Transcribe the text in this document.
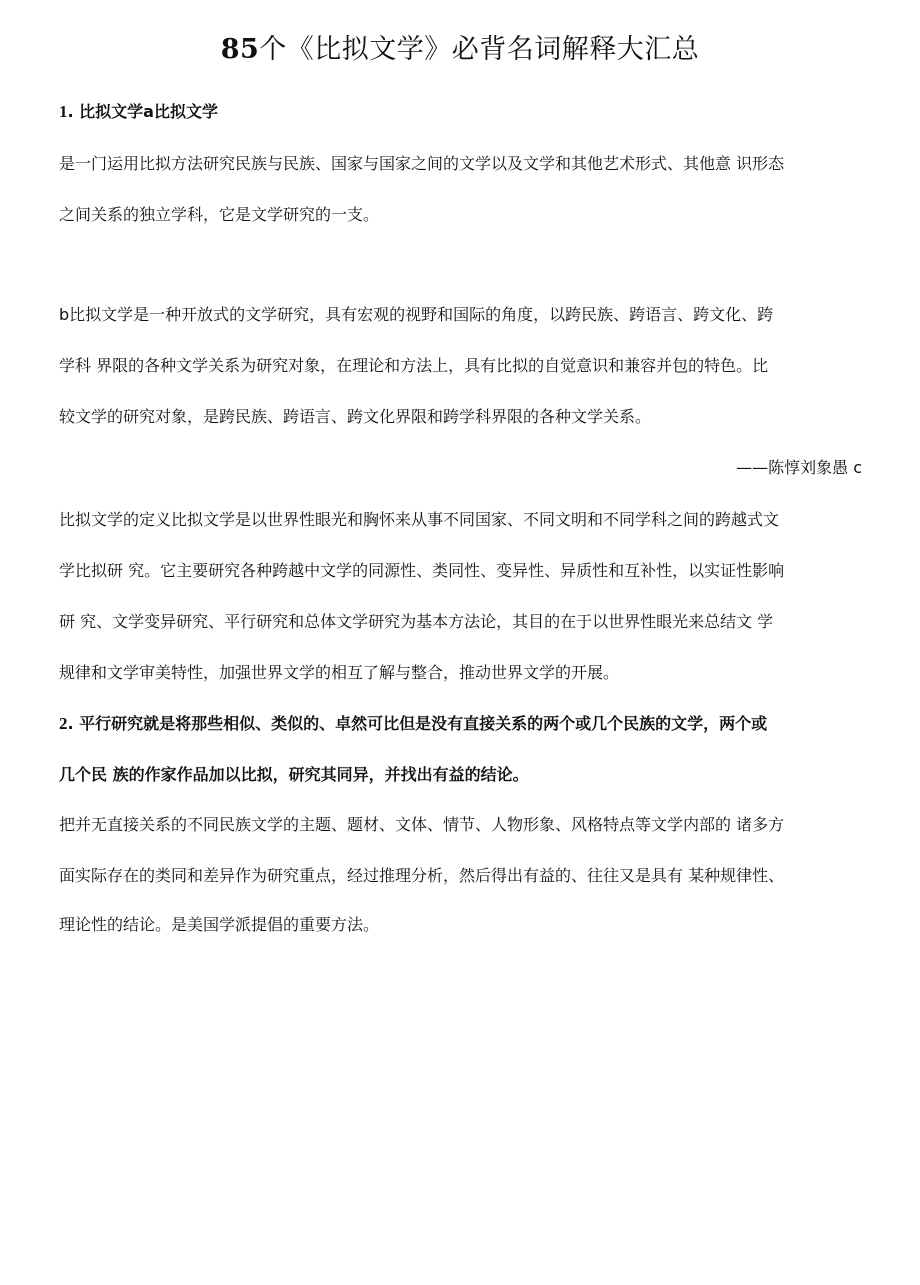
85个《比拟文学》必背名词解释大汇总
1. 比拟文学a比拟文学
是一门运用比拟方法研究民族与民族、国家与国家之间的文学以及文学和其他艺术形式、其他意 识形态
之间关系的独立学科，它是文学研究的一支。
b比拟文学是一种开放式的文学研究，具有宏观的视野和国际的角度，以跨民族、跨语言、跨文化、跨
学科 界限的各种文学关系为研究对象，在理论和方法上，具有比拟的自觉意识和兼容并包的特色。比
较文学的研究对象，是跨民族、跨语言、跨文化界限和跨学科界限的各种文学关系。
——陈惇刘象愚 c
比拟文学的定义比拟文学是以世界性眼光和胸怀来从事不同国家、不同文明和不同学科之间的跨越式文
学比拟研 究。它主要研究各种跨越中文学的同源性、类同性、变异性、异质性和互补性，以实证性影响
研 究、文学变异研究、平行研究和总体文学研究为基本方法论，其目的在于以世界性眼光来总结文 学
规律和文学审美特性，加强世界文学的相互了解与整合，推动世界文学的开展。
2. 平行研究就是将那些相似、类似的、卓然可比但是没有直接关系的两个或几个民族的文学，两个或
几个民 族的作家作品加以比拟，研究其同异，并找出有益的结论。
把并无直接关系的不同民族文学的主题、题材、文体、情节、人物形象、风格特点等文学内部的 诸多方
面实际存在的类同和差异作为研究重点，经过推理分析，然后得出有益的、往往又是具有 某种规律性、
理论性的结论。是美国学派提倡的重要方法。
